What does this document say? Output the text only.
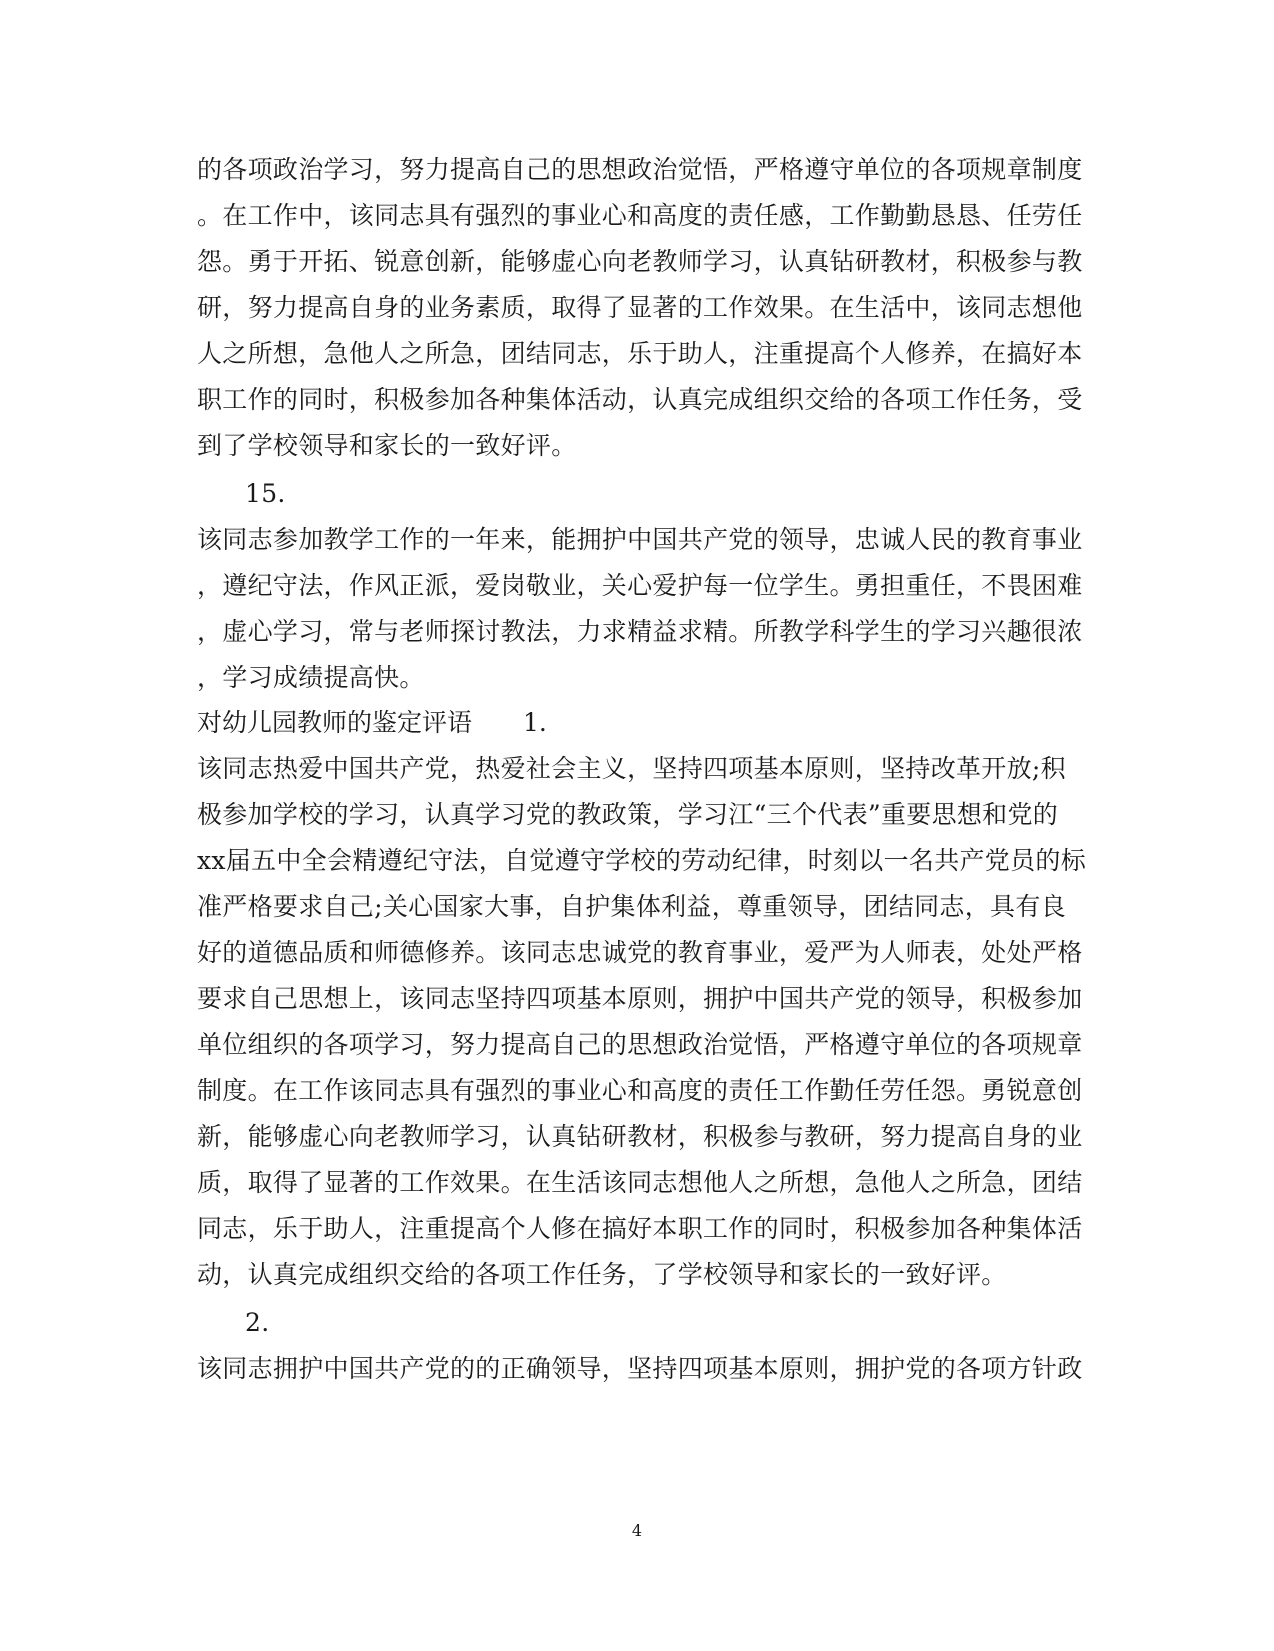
的各项政治学习，努力提高自己的思想政治觉悟，严格遵守单位的各项规章制度
。在工作中，该同志具有强烈的事业心和高度的责任感，工作勤勤恳恳、任劳任
怨。勇于开拓、锐意创新，能够虚心向老教师学习，认真钻研教材，积极参与教
研，努力提高自身的业务素质，取得了显著的工作效果。在生活中，该同志想他
人之所想，急他人之所急，团结同志，乐于助人，注重提高个人修养，在搞好本
职工作的同时，积极参加各种集体活动，认真完成组织交给的各项工作任务，受
到了学校领导和家长的一致好评。
15.
该同志参加教学工作的一年来，能拥护中国共产党的领导，忠诚人民的教育事业
，遵纪守法，作风正派，爱岗敬业，关心爱护每一位学生。勇担重任，不畏困难
，虚心学习，常与老师探讨教法，力求精益求精。所教学科学生的学习兴趣很浓
，学习成绩提高快。
对幼儿园教师的鉴定评语 1.
该同志热爱中国共产党，热爱社会主义，坚持四项基本原则，坚持改革开放;积
极参加学校的学习，认真学习党的教政策，学习江“三个代表”重要思想和党的
xx届五中全会精遵纪守法，自觉遵守学校的劳动纪律，时刻以一名共产党员的标
准严格要求自己;关心国家大事，自护集体利益，尊重领导，团结同志，具有良
好的道德品质和师德修养。该同志忠诚党的教育事业，爱严为人师表，处处严格
要求自己思想上，该同志坚持四项基本原则，拥护中国共产党的领导，积极参加
单位组织的各项学习，努力提高自己的思想政治觉悟，严格遵守单位的各项规章
制度。在工作该同志具有强烈的事业心和高度的责任工作勤任劳任怨。勇锐意创
新，能够虚心向老教师学习，认真钻研教材，积极参与教研，努力提高自身的业
质，取得了显著的工作效果。在生活该同志想他人之所想，急他人之所急，团结
同志，乐于助人，注重提高个人修在搞好本职工作的同时，积极参加各种集体活
动，认真完成组织交给的各项工作任务，了学校领导和家长的一致好评。
2.
该同志拥护中国共产党的的正确领导，坚持四项基本原则，拥护党的各项方针政
4
